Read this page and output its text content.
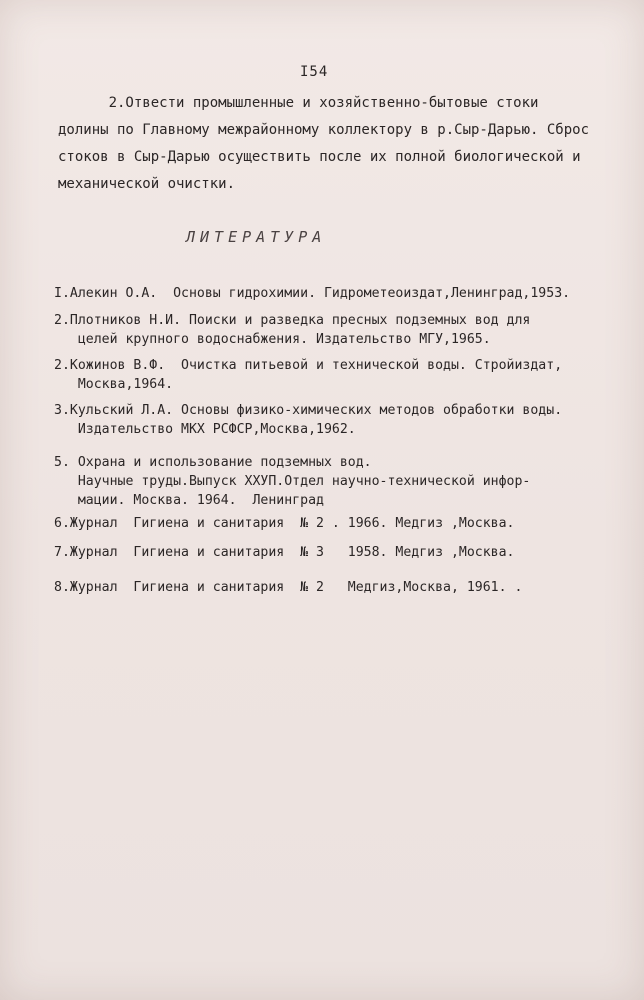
I54

2.Отвести промышленные и хозяйственно-бытовые стоки

долины по Главному межрайонному коллектору в р.Сыр-Дарью. Сброс

стоков в Сыр-Дарью осуществить после их полной биологической и

механической очистки.

ЛИТЕРАТУРА

I.Алекин О.А.  Основы гидрохимии. Гидрометеоиздат,Ленинград,1953.

2.Плотников Н.И. Поиски и разведка пресных подземных вод для

целей крупного водоснабжения. Издательство МГУ,1965.

2.Кожинов В.Ф.  Очистка питьевой и технической воды. Стройиздат,

Москва,1964.

3.Кульский Л.А. Основы физико-химических методов обработки воды.

Издательство МКХ РСФСР,Москва,1962.

5. Охрана и использование подземных вод.

Научные труды.Выпуск XXУП.Отдел научно-технической инфор-

мации. Москва. 1964.  Ленинград

6.Журнал  Гигиена и санитария  № 2 . 1966. Медгиз ,Москва.

7.Журнал  Гигиена и санитария  № 3   1958. Медгиз ,Москва.

8.Журнал  Гигиена и санитария  № 2   Медгиз,Москва, 1961. .
